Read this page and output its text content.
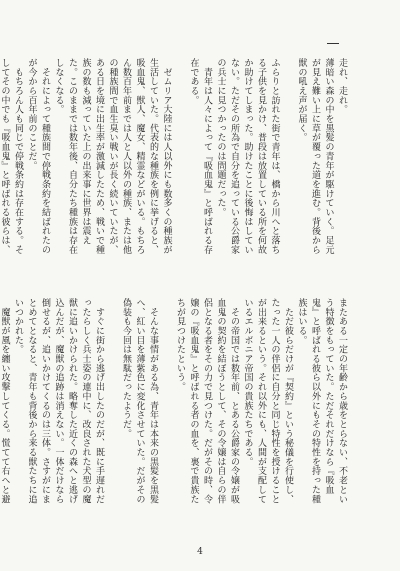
走れ、走れ。
薄暗い森の中を黒髪の青年が駆けていく。足元が見え難い上に草が覆った道を進む。背後から獣の吼え声が届く。

ふらりと訪れた街で青年は、橋から川へと落ちる子供を見かけ、普段は放置している所を何故か助けてしまった。助けたことに後悔はしていない。ただその所為で自分を追っている公爵家の兵士に見つかったのは問題だった。
　青年は人々によって『吸血鬼』と呼ばれる存在である。

　ゼムリア大陸には人以外にも数多くの種族が生活していた。代表的な種族を例に挙げると、吸血鬼、獣人、魔女、精霊などがいる。もちろん数百年前までは人と人以外の種族、または他の種族間で血生臭い戦いが長く続いていたが、ある日を境に出生率が激減したため、戦いで種族の数も減っていた上の出来事に世界は震えた。このままでは数年後、自分たち種族は存在しなくなる。
　それによって種族間で停戦条約を結ばれたのが今から百年前のことだ。
　もちろん人も同じで停戦条約は存在する。そしてその中でも『吸血鬼』と呼ばれる彼らは、
またある一定の年齢から歳をとらない、不老という特徴をもっていた。ただそれだけなら『吸血鬼』と呼ばれる彼ら以外にもその特性を持った種族はいる。
　ただ彼らだけが『契約』という秘儀を行使し、たった一人の伴侶に自分と同じ特性を授けることが出来るという。それ以外にも、人間が支配しているエルボニア帝国の貴族たちである。
　その帝国では数年前、とある公爵家の令嬢が吸血鬼の契約を結ぼうとして、その令嬢は自らの伴侶となる者をその力で見つけた。だがその時、令嬢の『吸血鬼』と呼ばれる者の血を、裏で貴族たちが見つけたという。

　そんな事情がある為、青年は本来の黒髪を黒髪へ、紅い目を薄紫色に変化させていた。だがその偽装も今回は無駄だったようだ。

　すぐに街から逃げ出したのだが、既に手遅れだったらしく兵士姿の連中に、改良された犬型の魔獣に追いかけられた。略奪した近くの森へと逃げ込んだが、魔獣の追跡は消えない。一体だけなら倒せるが、追いかけてくるのは三体。さすがにまとめてとなると、青年も背後から来る獣たちに追いつかれた。
　魔獣が風を纏い攻撃してくる。慌てて右へと避
4
